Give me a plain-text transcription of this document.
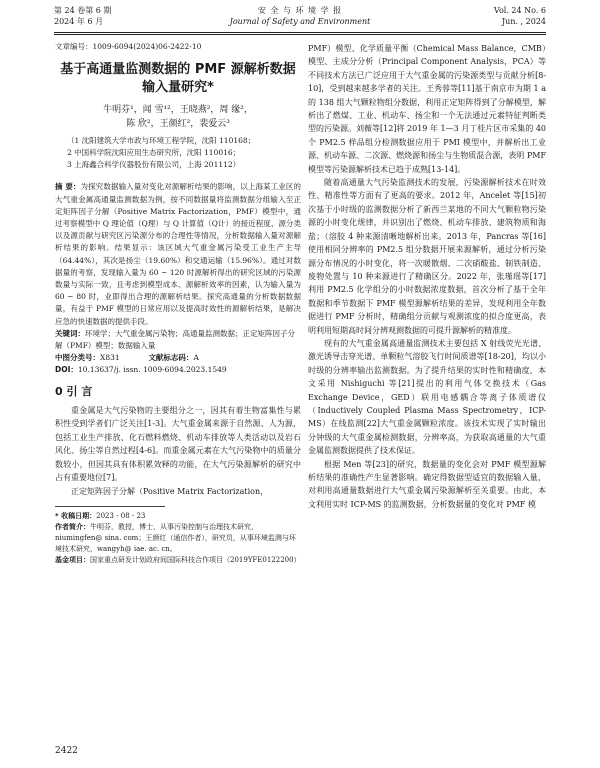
第 24 卷第 6 期
2024 年 6 月
安 全 与 环 境 学 报
Journal of Safety and Environment
Vol. 24 No. 6
Jun. , 2024
文章编号：1009-6094(2024)06-2422-10
基于高通量监测数据的 PMF 源解析数据输入量研究*
牛明芬¹，闻 雪¹²，王晓燕²，周 缘²，
陈 欣²，王颜红²，裴爱云³
（1 沈阳建筑大学市政与环境工程学院，沈阳 110168；
2 中国科学院沈阳应用生态研究所，沈阳 110016；
3 上海鑫合科学仪器股份有限公司，上海 201112）
摘 要：为探究数据输入量对变化对源解析结果的影响，以上海某工业区的大气重金属高通量监测数据为例，按不同数据量将监测数据分组输入至正定矩阵因子分解（Positive Matrix Factorization，PMF）模型中，通过考察模型中 Q 理论值（Q理）与 Q 计算值（Q计）的接近程度、源分类以及源贡献与研究区污染源分布的合理性等情况，分析数据输入量对源解析结果的影响。结果显示：该区域大气重金属污染受工业生产主导（64.44%），其次是扬尘（19.60%）和交通运输（15.96%）。通过对数据量的考察，发现输入量为 60 ~ 120 时源解析得出的研究区域的污染源数量与实际一致，且考虑到模型成本、源解析效率的因素，认为输入量为 60 ~ 80 时，业即得出合理的源解析结果。探究高通量的分析数据数据量，有益于 PMF 模型的日常应用以及提高时效性的源解析结果，是解决应急的快速数据的提供手段。
关键词：环境学；大气重金属污染物；高通量监测数据；正定矩阵因子分解（PMF）模型；数据输入量
中图分类号：X831	文献标志码：A
DOI：10.13637/j. issn. 1009-6094.2023.1549
0 引 言

重金属是大气污染物的主要组分之一，因其有着生物富集性与累积性受到学者们广泛关注[1-3]。大气重金属来源于自然源、人为源，包括工业生产排放、化石燃料燃烧、机动车排放等人类活动以及岩石风化、扬尘等自然过程[4-6]。而重金属元素在大气污染物中的质量分数较小，但因其具有体积累效释的功能，在大气污染源解析的研究中占有重要地位[7]。

正定矩阵因子分解（Positive Matrix Factorization，

* 收稿日期：2023 - 08 - 23
作者简介：牛明芬，教授，博士，从事污染控制与治理技术研究，niumingfen@ sina. com；王颜红（通信作者），研究员，从事环境监测与环境技术研究，wangyh@ iae. ac. cn。
基金项目：国家重点研发计划政府间国际科技合作项目（2019YFE0122200）

PMF）模型、化学质量平衡（Chemical Mass Balance，CMB）模型、主成分分析（Principal Component Analysis，PCA）等不同技术方法已广泛应用于大气重金属的污染源类型与贡献分析[8-10]，受到越来越多学者的关注。王秀蓉等[11]基于南京市为期 1 a 的 138 组大气颗粒物组分数据，利用正定矩阵得到了分解模型，解析出了燃煤、工业、机动车、扬尘和一个无法通过元素特征判断类型的污染源。刘薇等[12]将 2019 年 1—3 月丁桂片区市采集的 40 个 PM2.5 样品组分检测数据应用于 PMI 模型中，并解析出工业源、机动车源、二次源、燃烧源和扬尘与生物质混合源，表明 PMF 模型等污染源解析技术已趋于成熟[13-14]。

随着高通量大气污染监测技术的发展，污染源解析技术在时效性、精准性等方面有了更高的要求。2012 年，Ancelet 等[15]初次基于小时级的监测数据分析了新西兰某地的不同大气颗粒物污染源的小时变化规律，并识别出了燃烧、机动车排放、建筑物质和海盐；（溶胶 4 种来源清晰地解析出来。2013 年，Pancras 等[16]使用相同分辨率的 PM2.5 组分数据开展来源解析，通过分析污染源分布情况的小时变化，将一次暖散烟、二次硝酸盐、制铁制造、废物处置与 10 种来源进行了精确区分。2022 年，张瑾瑶等[17]利用 PM2.5 化学组分的小时数据浓度数据，首次分析了基于全年数据和季节数据下 PMF 模型源解析结果的差异，发现利用全年数据进行 PMF 分析时，精确组分贡献与观测浓度的拟合度更高，表明利用短期高时间分辨观测数据的可提升源解析的精准度。

现有的大气重金属高通量监测技术主要包括 X 射线荧光光谱、激光诱导击穿光谱、单颗粒气溶胶飞行时间质谱等[18-20]，均以小时级的分辨率输出监测数据。为了提升结果的实时性和精确度，本文采用 Nishiguchi 等[21]提出的利用气体交换技术（Gas Exchange Device，GED）联用电感耦合等离子体质谱仪（Inductively Coupled Plasma Mass Spectrometry，ICP-MS）在线监测[22]大气重金属颗粒浓度。该技术实现了实时输出分钟级的大气重金属检测数据，分辨率高，为获取高通量的大气重金属监测数据提供了技术保证。

根据 Men 等[23]的研究，数据量的变化会对 PMF 模型源解析结果的准确性产生显著影响。确定得数据型适宜的数据输入量，对利用高通量数据进行大气重金属污染源解析至关重要。由此，本文利用实时 ICP-MS 的监测数据，分析数据量的变化对 PMF 模

2422
